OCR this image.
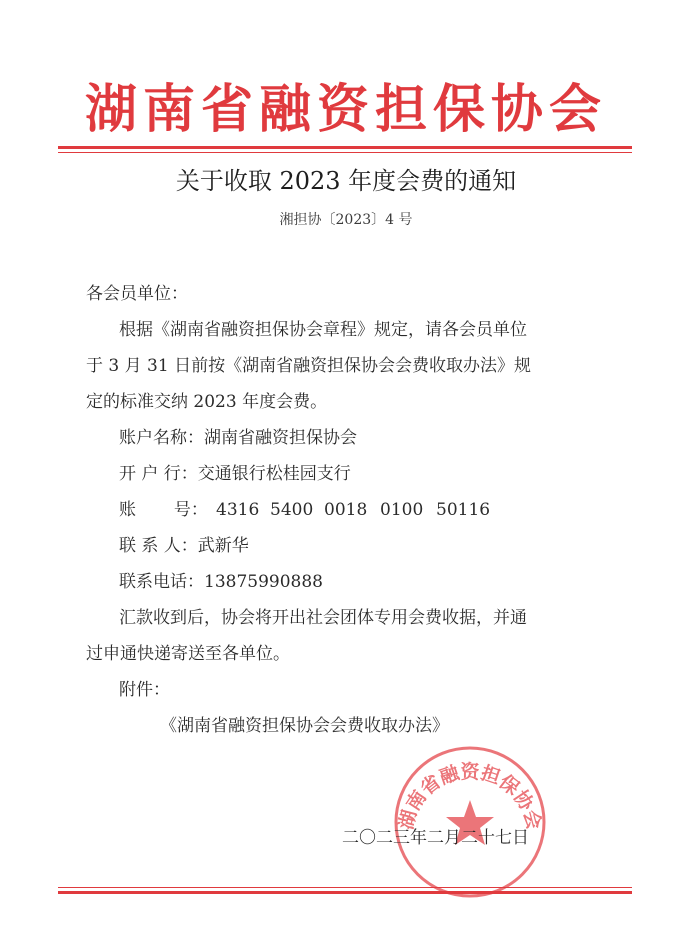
湖南省融资担保协会
关于收取 2023 年度会费的通知
湘担协〔2023〕4 号
各会员单位：
根据《湖南省融资担保协会章程》规定，请各会员单位
于 3 月 31 日前按《湖南省融资担保协会会费收取办法》规
定的标准交纳 2023 年度会费。
账户名称：湖南省融资担保协会
开 户 行：交通银行松桂园支行
账       号： 4316 5400 0018 0100 50116
联 系 人：武新华
联系电话：13875990888
汇款收到后，协会将开出社会团体专用会费收据，并通
过申通快递寄送至各单位。
附件：
《湖南省融资担保协会会费收取办法》
湖南省融资担保协会
二〇二三年二月二十七日
